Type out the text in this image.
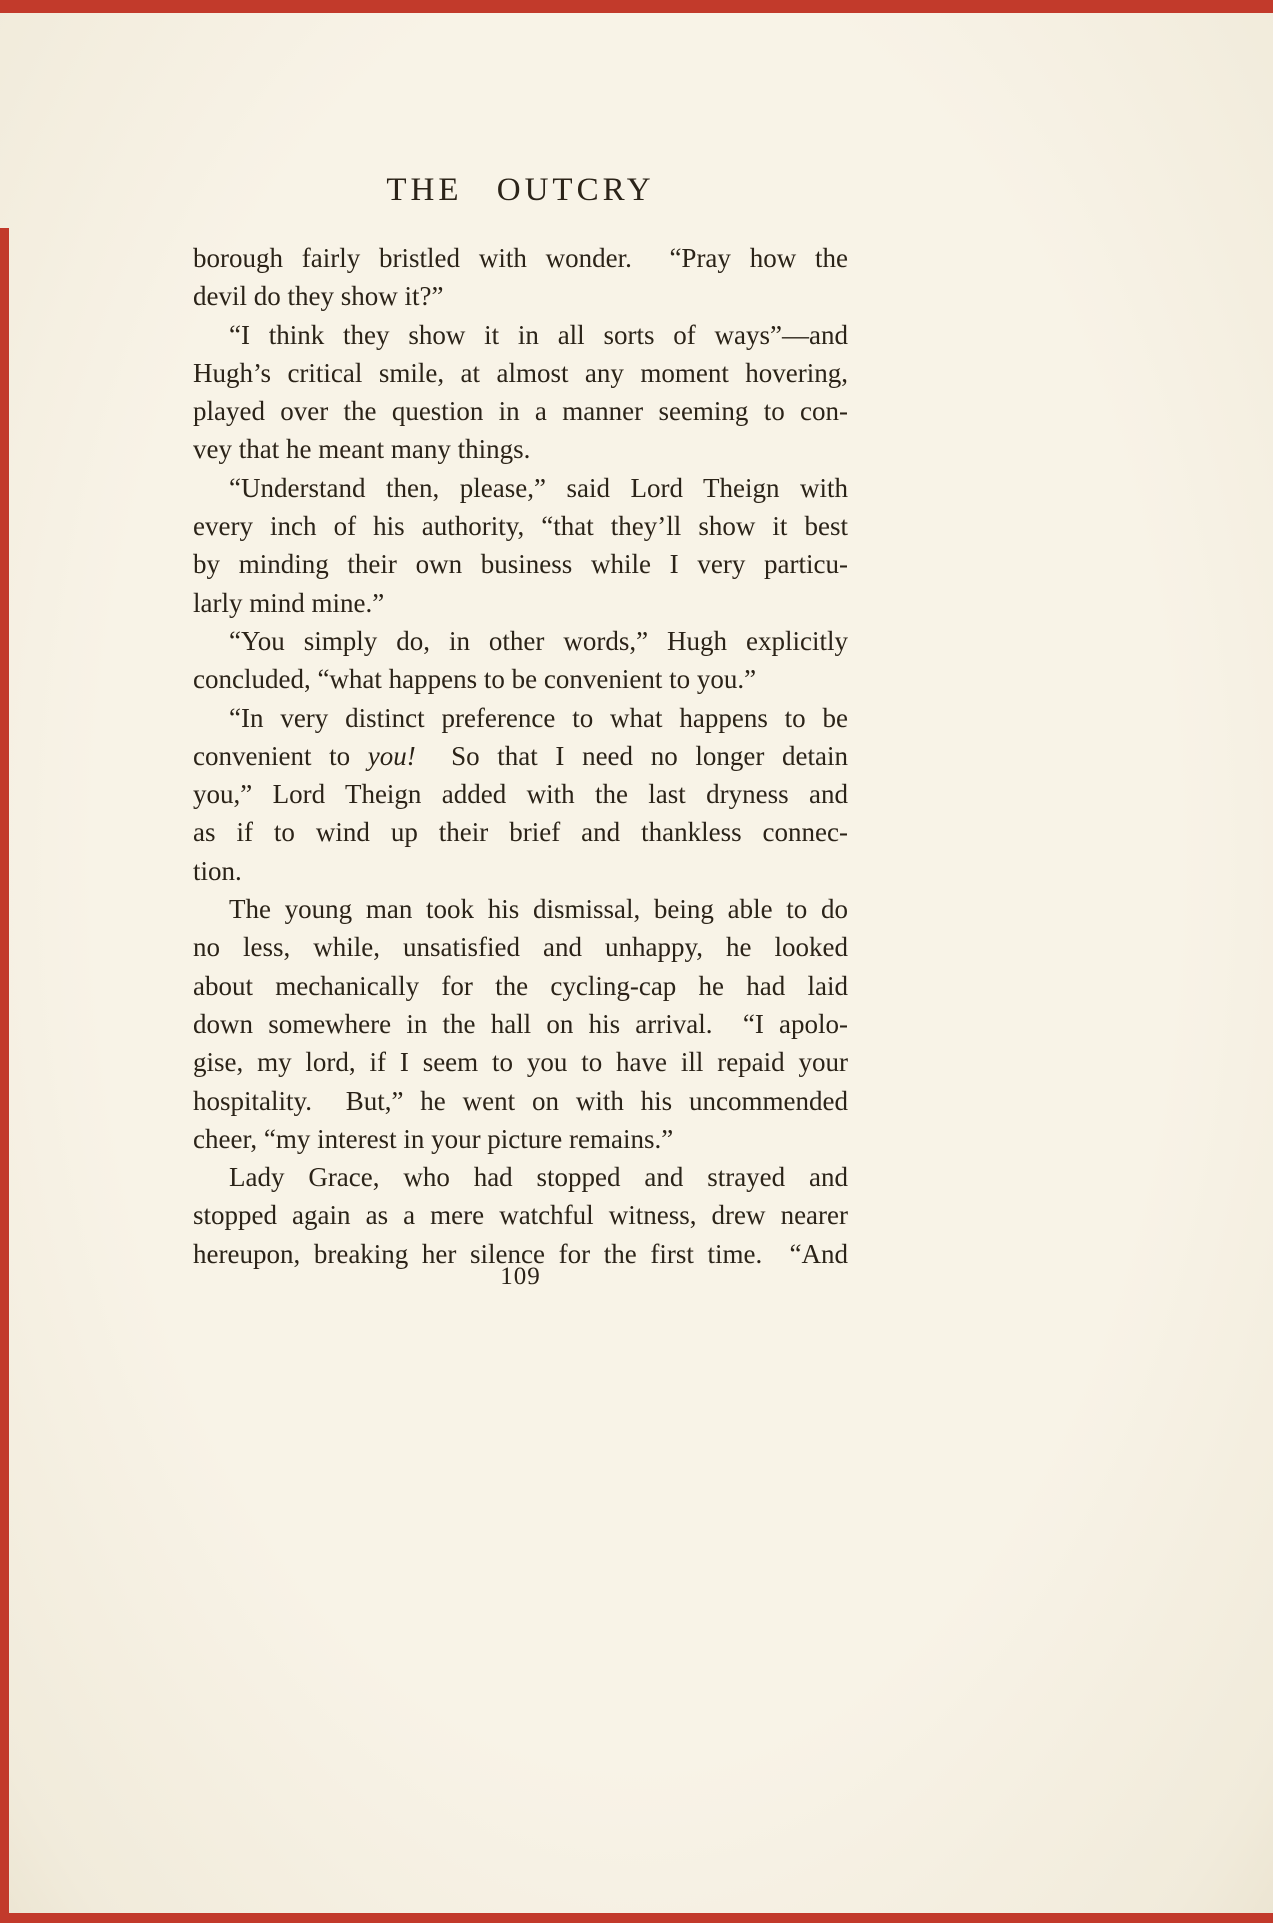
THE OUTCRY
borough fairly bristled with wonder.  “Pray how the
devil do they show it?”
“I think they show it in all sorts of ways”—and
Hugh’s critical smile, at almost any moment hovering,
played over the question in a manner seeming to con-
vey that he meant many things.
“Understand then, please,” said Lord Theign with
every inch of his authority, “that they’ll show it best
by minding their own business while I very particu-
larly mind mine.”
“You simply do, in other words,” Hugh explicitly
concluded, “what happens to be convenient to you.”
“In very distinct preference to what happens to be
convenient to you!  So that I need no longer detain
you,” Lord Theign added with the last dryness and
as if to wind up their brief and thankless connec-
tion.
The young man took his dismissal, being able to do
no less, while, unsatisfied and unhappy, he looked
about mechanically for the cycling-cap he had laid
down somewhere in the hall on his arrival.  “I apolo-
gise, my lord, if I seem to you to have ill repaid your
hospitality.  But,” he went on with his uncommended
cheer, “my interest in your picture remains.”
Lady Grace, who had stopped and strayed and
stopped again as a mere watchful witness, drew nearer
hereupon, breaking her silence for the first time.  “And
109
